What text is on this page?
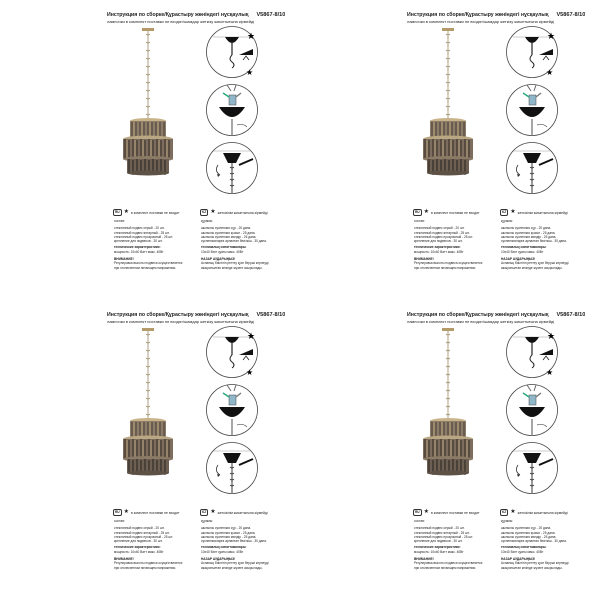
Инструкция по сборке/Құрастыру жөніндегі нұсқаулық V5867-8/10
лампочки в комплект поставки не входят/шамдар жеткізу жиынтығына кірмейді
★
★
RU ★ в комплект поставки не входит	KZ ★ жеткізілім жиынтығына кірмейді
состав:
стеклянный подвес серый - 20 шт.
стеклянный подвес янтарный - 25 шт.
стеклянный подвес прозрачный - 25 шт.
крепление для подвесов - 30 шт.
технические характеристики:
мощность: 10x40 Ватт макс. 40Вт
ВНИМАНИЕ!
Регулировка высоты подвеса осуществляется
при отключенном питающем напряжении.
құрамы:
шынылы суспензия сұр - 20 дана.
шынылы суспензия қызыл - 25 дана.
шынылы суспензия мөлдір - 25 дана.
суспензияларға арналған бекіткіш - 30 дана.
техникалық сипаттамалары:
10x40 Ватт қуаты макс. 40Вт
НАЗАР АУДАРЫҢЫЗ!
Аспаның биіктігін реттеу қуат беруші кернеуді
ажыратылған кезінде жүзеге асырылады.
Инструкция по сборке/Құрастыру жөніндегі нұсқаулық V5867-8/10
лампочки в комплект поставки не входят/шамдар жеткізу жиынтығына кірмейді
★
★
RU ★ в комплект поставки не входит	KZ ★ жеткізілім жиынтығына кірмейді
состав:
стеклянный подвес серый - 20 шт.
стеклянный подвес янтарный - 25 шт.
стеклянный подвес прозрачный - 25 шт.
крепление для подвесов - 30 шт.
технические характеристики:
мощность: 10x40 Ватт макс. 40Вт
ВНИМАНИЕ!
Регулировка высоты подвеса осуществляется
при отключенном питающем напряжении.
құрамы:
шынылы суспензия сұр - 20 дана.
шынылы суспензия қызыл - 25 дана.
шынылы суспензия мөлдір - 25 дана.
суспензияларға арналған бекіткіш - 30 дана.
техникалық сипаттамалары:
10x40 Ватт қуаты макс. 40Вт
НАЗАР АУДАРЫҢЫЗ!
Аспаның биіктігін реттеу қуат беруші кернеуді
ажыратылған кезінде жүзеге асырылады.
Инструкция по сборке/Құрастыру жөніндегі нұсқаулық V5867-8/10
лампочки в комплект поставки не входят/шамдар жеткізу жиынтығына кірмейді
★
★
RU ★ в комплект поставки не входит	KZ ★ жеткізілім жиынтығына кірмейді
состав:
стеклянный подвес серый - 20 шт.
стеклянный подвес янтарный - 25 шт.
стеклянный подвес прозрачный - 25 шт.
крепление для подвесов - 30 шт.
технические характеристики:
мощность: 10x40 Ватт макс. 40Вт
ВНИМАНИЕ!
Регулировка высоты подвеса осуществляется
при отключенном питающем напряжении.
құрамы:
шынылы суспензия сұр - 20 дана.
шынылы суспензия қызыл - 25 дана.
шынылы суспензия мөлдір - 25 дана.
суспензияларға арналған бекіткіш - 30 дана.
техникалық сипаттамалары:
10x40 Ватт қуаты макс. 40Вт
НАЗАР АУДАРЫҢЫЗ!
Аспаның биіктігін реттеу қуат беруші кернеуді
ажыратылған кезінде жүзеге асырылады.
Инструкция по сборке/Құрастыру жөніндегі нұсқаулық V5867-8/10
лампочки в комплект поставки не входят/шамдар жеткізу жиынтығына кірмейді
★
★
RU ★ в комплект поставки не входит	KZ ★ жеткізілім жиынтығына кірмейді
состав:
стеклянный подвес серый - 20 шт.
стеклянный подвес янтарный - 25 шт.
стеклянный подвес прозрачный - 25 шт.
крепление для подвесов - 30 шт.
технические характеристики:
мощность: 10x40 Ватт макс. 40Вт
ВНИМАНИЕ!
Регулировка высоты подвеса осуществляется
при отключенном питающем напряжении.
құрамы:
шынылы суспензия сұр - 20 дана.
шынылы суспензия қызыл - 25 дана.
шынылы суспензия мөлдір - 25 дана.
суспензияларға арналған бекіткіш - 30 дана.
техникалық сипаттамалары:
10x40 Ватт қуаты макс. 40Вт
НАЗАР АУДАРЫҢЫЗ!
Аспаның биіктігін реттеу қуат беруші кернеуді
ажыратылған кезінде жүзеге асырылады.
